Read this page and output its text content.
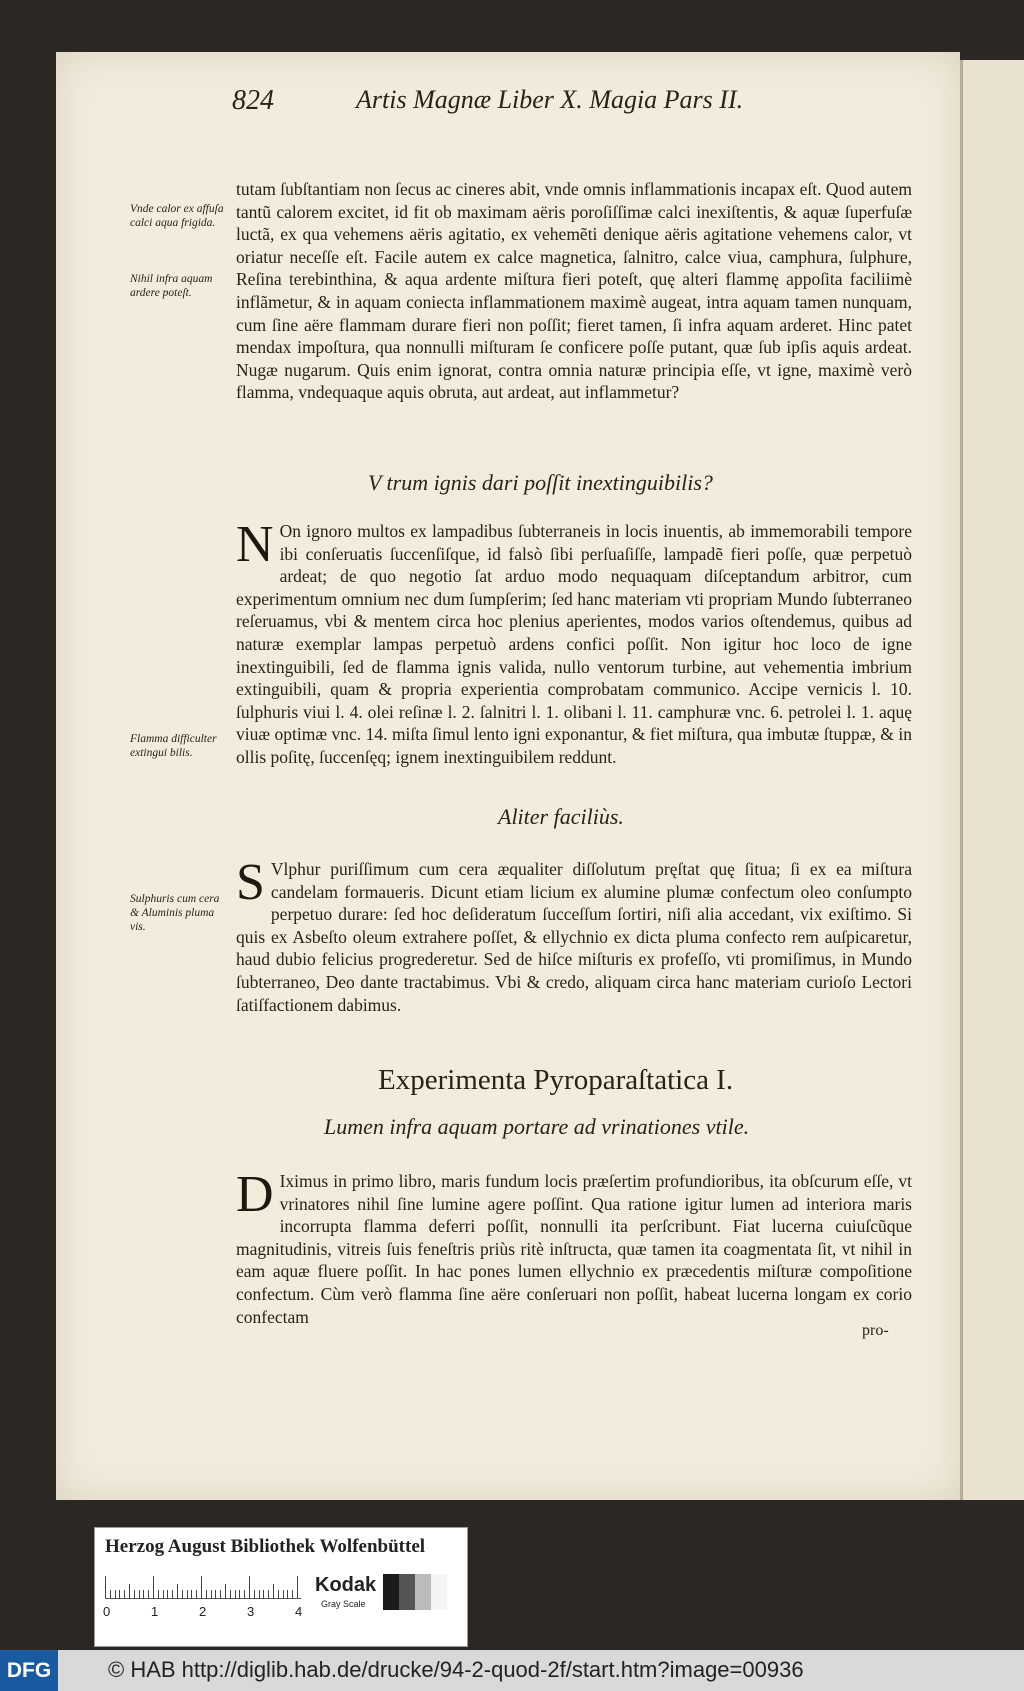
824	Artis Magnæ Liber X. Magia Pars II.

tutam ſubſtantiam non ſecus ac cineres abit, vnde omnis inflammationis incapax eſt. Quod autem tantũ calorem excitet, id fit ob maximam aëris poroſiſſimæ calci inexiſtentis, & aquæ ſuperfuſæ luctã, ex qua vehemens aëris agitatio, ex vehemẽti denique aëris agitatione vehemens calor, vt oriatur neceſſe eſt. Facile autem ex calce magnetica, ſalnitro, calce viua, camphura, ſulphure, Reſina terebinthina, & aqua ardente miſtura fieri poteſt, quę alteri flammę appoſita faciliimè inflãmetur, & in aquam coniecta inflammationem maximè augeat, intra aquam tamen nunquam, cum ſine aëre flammam durare fieri non poſſit; fieret tamen, ſi infra aquam arderet. Hinc patet mendax impoſtura, qua nonnulli miſturam ſe conficere poſſe putant, quæ ſub ipſis aquis ardeat. Nugæ nugarum. Quis enim ignorat, contra omnia naturæ principia eſſe, vt igne, maximè verò flamma, vndequaque aquis obruta, aut ardeat, aut inflammetur?

Vnde calor ex affuſa calci aqua frigida.
Nihil infra aquam ardere poteſt.
V trum ignis dari poſſit inextinguibilis?

N On ignoro multos ex lampadibus ſubterraneis in locis inuentis, ab immemorabili tempore ibi conſeruatis ſuccenſiſque, id falsò ſibi perſuaſiſſe, lampadẽ fieri poſſe, quæ perpetuò ardeat; de quo negotio ſat arduo modo nequaquam diſceptandum arbitror, cum experimentum omnium nec dum ſumpſerim; ſed hanc materiam vti propriam Mundo ſubterraneo reſeruamus, vbi & mentem circa hoc plenius aperientes, modos varios oſtendemus, quibus ad naturæ exemplar lampas perpetuò ardens confici poſſit. Non igitur hoc loco de igne inextinguibili, ſed de flamma ignis valida, nullo ventorum turbine, aut vehementia imbrium extinguibili, quam & propria experientia comprobatam communico. Accipe vernicis l. 10. ſulphuris viui l. 4. olei reſinæ l. 2. ſalnitri l. 1. olibani l. 11. camphuræ vnc. 6. petrolei l. 1. aquę viuæ optimæ vnc. 14. miſta ſimul lento igni exponantur, & fiet miſtura, qua imbutæ ſtuppæ, & in ollis poſitę, ſuccenſęq; ignem inextinguibilem reddunt.

Flamma difficulter extingui bilis.
Aliter faciliùs.

S Vlphur puriſſimum cum cera æqualiter diſſolutum pręſtat quę ſitua; ſi ex ea miſtura candelam formaueris. Dicunt etiam licium ex alumine plumæ confectum oleo conſumpto perpetuo durare: ſed hoc deſideratum ſucceſſum ſortiri, niſi alia accedant, vix exiſtimo. Si quis ex Asbeſto oleum extrahere poſſet, & ellychnio ex dicta pluma confecto rem auſpicaretur, haud dubio felicius progrederetur. Sed de hiſce miſturis ex profeſſo, vti promiſimus, in Mundo ſubterraneo, Deo dante tractabimus. Vbi & credo, aliquam circa hanc materiam curioſo Lectori ſatiſfactionem dabimus.

Sulphuris cum cera & Aluminis pluma vis.
Experimenta Pyroparaſtatica I.
Lumen infra aquam portare ad vrinationes vtile.

D Iximus in primo libro, maris fundum locis præſertim profundioribus, ita obſcurum eſſe, vt vrinatores nihil ſine lumine agere poſſint. Qua ratione igitur lumen ad interiora maris incorrupta flamma deferri poſſit, nonnulli ita perſcribunt. Fiat lucerna cuiuſcũque magnitudinis, vitreis ſuis feneſtris priùs ritè inſtructa, quæ tamen ita coagmentata ſit, vt nihil in eam aquæ fluere poſſit. In hac pones lumen ellychnio ex præcedentis miſturæ compoſitione confectum. Cùm verò flamma ſine aëre conſeruari non poſſit, habeat lucerna longam ex corio confectam

pro-
Herzog August Bibliothek Wolfenbüttel
0	1	2	3	4
Kodak
Gray Scale
DFG	© HAB http://diglib.hab.de/drucke/94-2-quod-2f/start.htm?image=00936
